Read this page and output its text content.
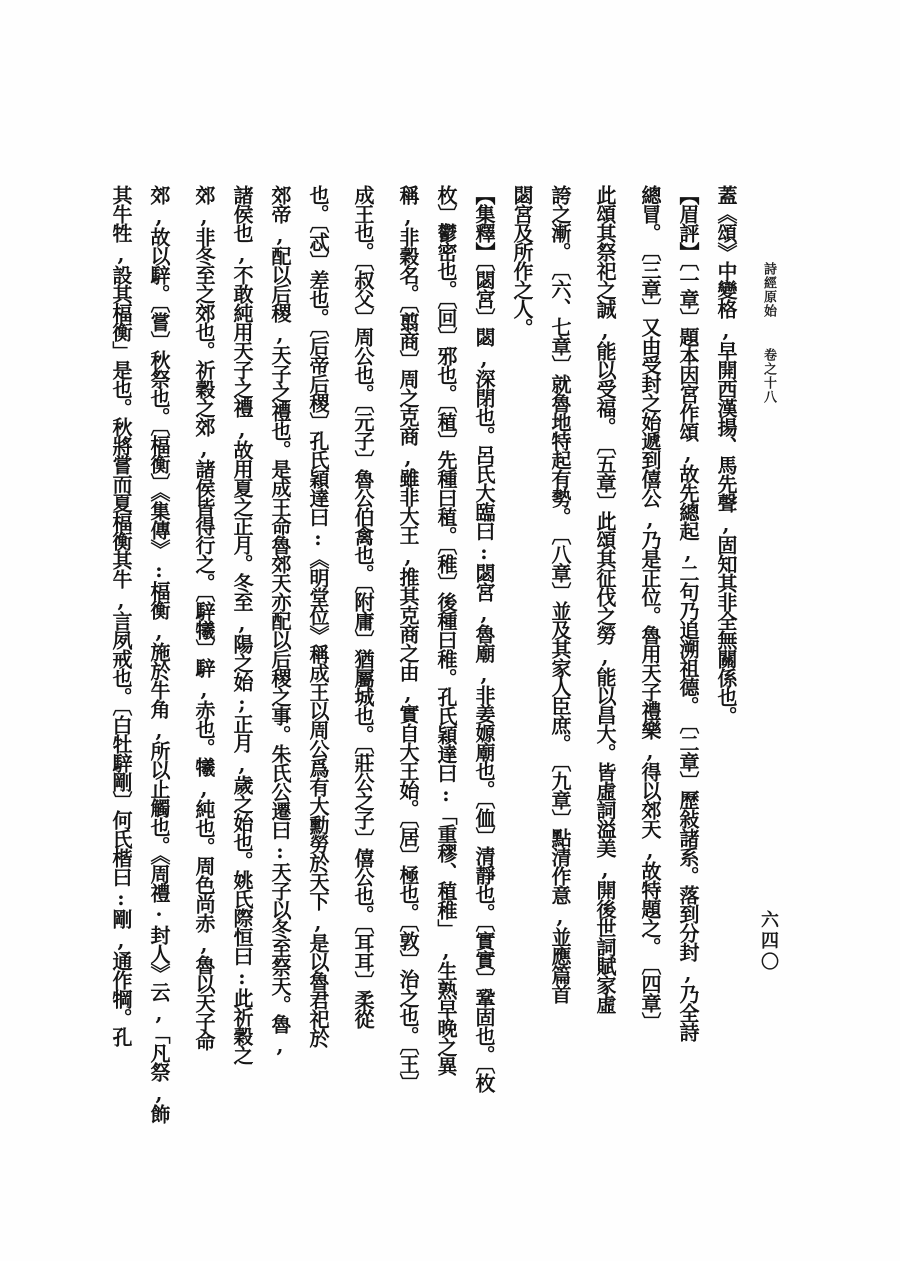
詩經原始 卷之十八
六四〇
蓋《頌》中變格,早開西漢揚、馬先聲,固知其非全無關係也。
【眉評】〔一章〕題本因宮作頌,故先總起,二句乃追溯祖德。　〔二章〕歷敍諸系。落到分封,乃全詩
總冒。　〔三章〕又由受封之始遞到僖公,乃是正位。魯用天子禮樂,得以郊天,故特題之。　〔四章〕
此頌其祭祀之誠,能以受福。　〔五章〕此頌其征伐之勞,能以昌大。皆虛詞溢美,開後世詞賦家虛
誇之漸。　〔六、七章〕就魯地特起有勢。　〔八章〕並及其家人臣庶。　〔九章〕點清作意,並應篇首
閟宮及所作之人。
【集釋】〔閟宮〕閟,深閉也。呂氏大臨曰:閟宮,魯廟,非姜嫄廟也。〔侐〕清靜也。〔實實〕鞏固也。〔枚
枚〕鬱密也。〔回〕邪也。〔稙〕先種曰稙。〔稚〕後種曰稚。孔氏穎達曰:「重穋、稙稚」,生熟早晚之異
稱,非穀名。〔翦商〕周之克商,雖非大王,推其克商之由,實自大王始。〔居〕極也。〔敦〕治之也。〔王〕
成王也。〔叔父〕周公也。〔元子〕魯公伯禽也。〔附庸〕猶屬城也。〔莊公之子〕僖公也。〔耳耳〕柔從
也。〔忒〕差也。〔后帝后稷〕孔氏穎達曰:《明堂位》稱成王以周公爲有大勳勞於天下,是以魯君祀於
郊帝,配以后稷,天子之禮也。是成王命魯郊天亦配以后稷之事。朱氏公遷曰:天子以冬至祭天。魯,
諸侯也,不敢純用天子之禮,故用夏之正月。冬至,陽之始;正月,歲之始也。姚氏際恒曰:此祈穀之
郊,非冬至之郊也。祈穀之郊,諸侯皆得行之。〔騂犧〕騂,赤也。犧,純也。周色尚赤,魯以天子命
郊,故以騂。〔嘗〕秋祭也。〔楅衡〕《集傳》:楅衡,施於牛角,所以止觸也。《周禮·封人》云,「凡祭,飾
其牛牲,設其楅衡」是也。秋將嘗而夏楅衡其牛,言夙戒也。〔白牡騂剛〕何氏楷曰:剛,通作犅。孔
